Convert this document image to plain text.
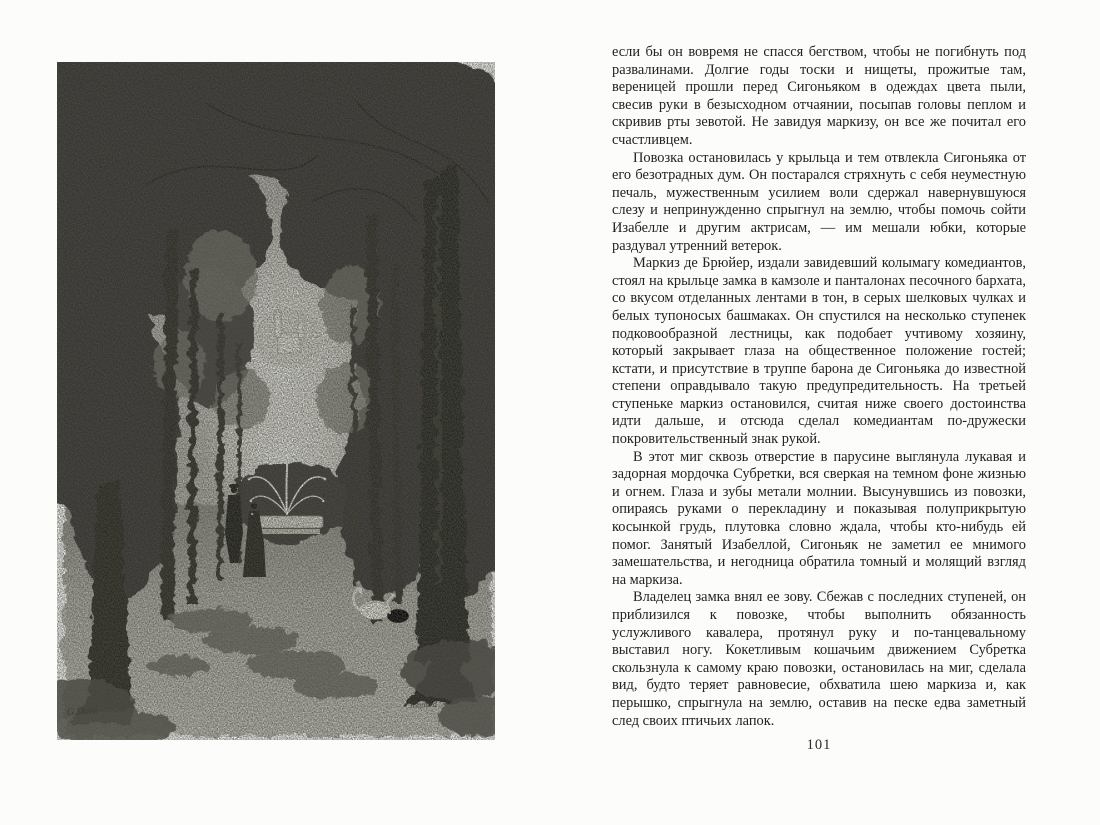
G.Doré
Jonnard

если бы он вовремя не спасся бегством, чтобы не погибнуть под развалинами. Долгие годы тоски и нищеты, прожитые там, вереницей прошли перед Сигоньяком в одеждах цвета пыли, свесив руки в безысходном отчаянии, посыпав головы пеплом и скривив рты зевотой. Не завидуя маркизу, он все же почитал его счастливцем.

Повозка остановилась у крыльца и тем отвлекла Сигоньяка от его безотрадных дум. Он постарался стряхнуть с себя неуместную печаль, мужественным усилием воли сдержал навернувшуюся слезу и непринужденно спрыгнул на землю, чтобы помочь сойти Изабелле и другим актрисам, — им мешали юбки, которые раздувал утренний ветерок.

Маркиз де Брюйер, издали завидевший колымагу комедиантов, стоял на крыльце замка в камзоле и панталонах песочного бархата, со вкусом отделанных лентами в тон, в серых шелковых чулках и белых тупоносых башмаках. Он спустился на несколько ступенек подковообразной лестницы, как подобает учтивому хозяину, который закрывает глаза на общественное положение гостей; кстати, и присутствие в труппе барона де Сигоньяка до известной степени оправдывало такую предупредительность. На третьей ступеньке маркиз остановился, считая ниже своего достоинства идти дальше, и отсюда сделал комедиантам по-дружески покровительственный знак рукой.

В этот миг сквозь отверстие в парусине выглянула лукавая и задорная мордочка Субретки, вся сверкая на темном фоне жизнью и огнем. Глаза и зубы метали молнии. Высунувшись из повозки, опираясь руками о перекладину и показывая полуприкрытую косынкой грудь, плутовка словно ждала, чтобы кто-нибудь ей помог. Занятый Изабеллой, Сигоньяк не заметил ее мнимого замешательства, и негодница обратила томный и молящий взгляд на маркиза.

Владелец замка внял ее зову. Сбежав с последних ступеней, он приблизился к повозке, чтобы выполнить обязанность услужливого кавалера, протянул руку и по-танцевальному выставил ногу. Кокетливым кошачьим движением Субретка скользнула к самому краю повозки, остановилась на миг, сделала вид, будто теряет равновесие, обхватила шею маркиза и, как перышко, спрыгнула на землю, оставив на песке едва заметный след своих птичьих лапок.

101
